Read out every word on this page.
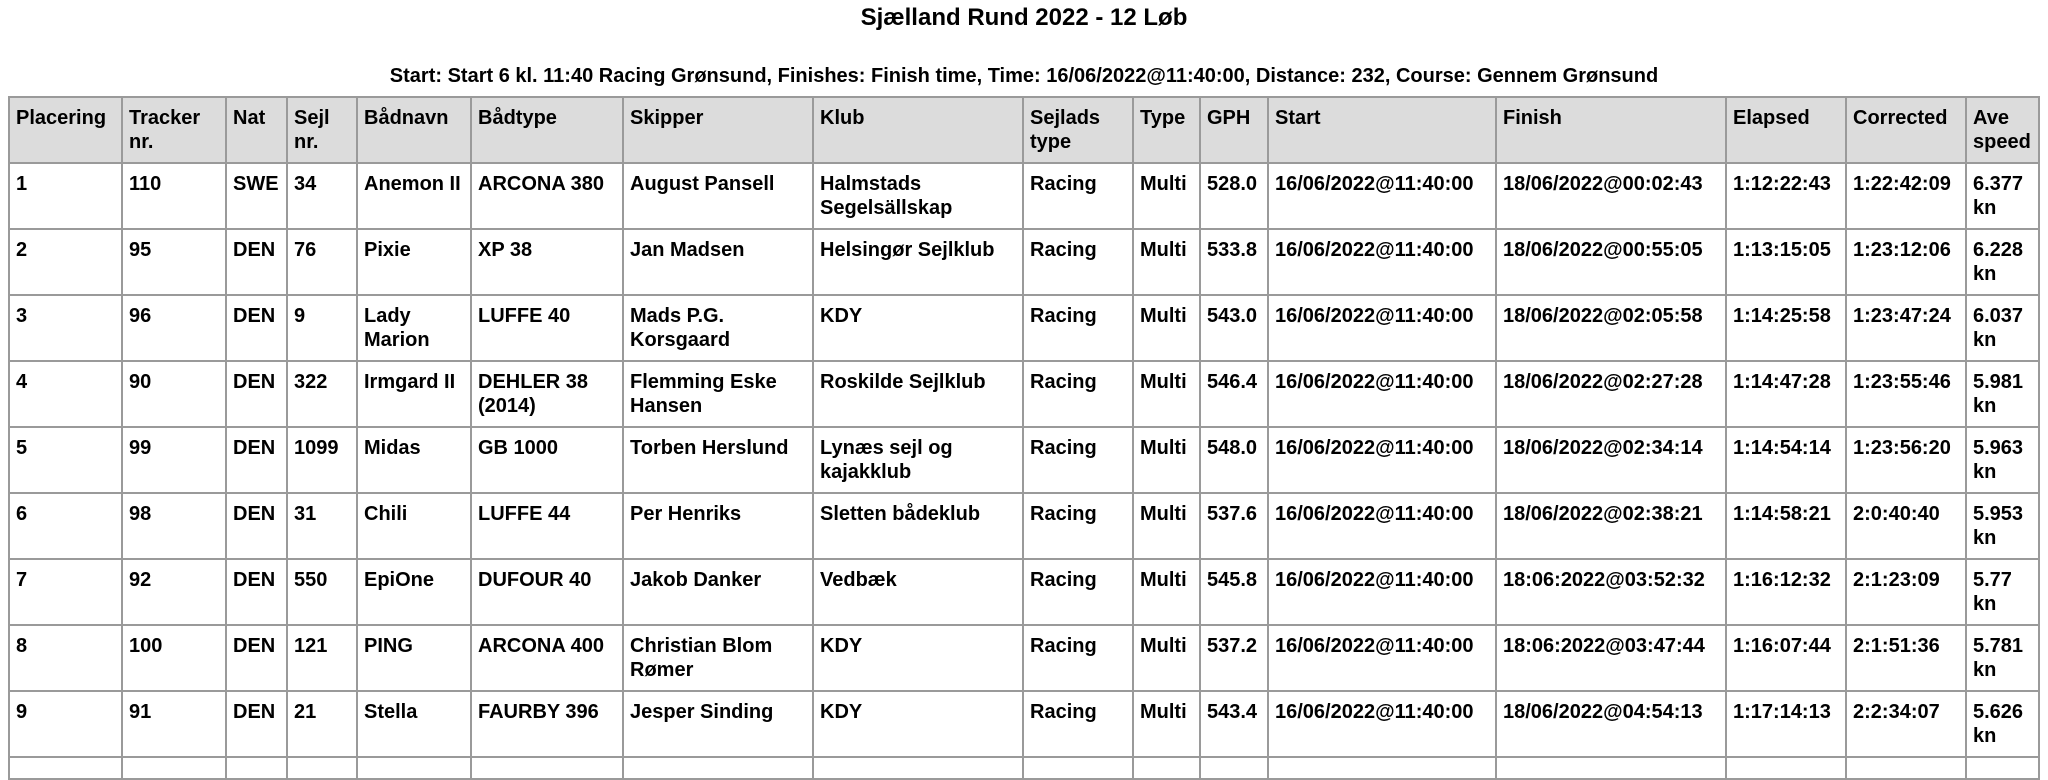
Sjælland Rund 2022 - 12 Løb
Start: Start 6 kl. 11:40 Racing Grønsund, Finishes: Finish time, Time: 16/06/2022@11:40:00, Distance: 232, Course: Gennem Grønsund
Placering	Tracker nr.	Nat	Sejl nr.	Bådnavn	Bådtype	Skipper	Klub	Sejlads type	Type	GPH	Start	Finish	Elapsed	Corrected	Ave speed
1	110	SWE	34	Anemon II	ARCONA 380	August Pansell	Halmstads Segelsällskap	Racing	Multi	528.0	16/06/2022@11:40:00	18/06/2022@00:02:43	1:12:22:43	1:22:42:09	6.377 kn
2	95	DEN	76	Pixie	XP 38	Jan Madsen	Helsingør Sejlklub	Racing	Multi	533.8	16/06/2022@11:40:00	18/06/2022@00:55:05	1:13:15:05	1:23:12:06	6.228 kn
3	96	DEN	9	Lady Marion	LUFFE 40	Mads P.G. Korsgaard	KDY	Racing	Multi	543.0	16/06/2022@11:40:00	18/06/2022@02:05:58	1:14:25:58	1:23:47:24	6.037 kn
4	90	DEN	322	Irmgard II	DEHLER 38 (2014)	Flemming Eske Hansen	Roskilde Sejlklub	Racing	Multi	546.4	16/06/2022@11:40:00	18/06/2022@02:27:28	1:14:47:28	1:23:55:46	5.981 kn
5	99	DEN	1099	Midas	GB 1000	Torben Herslund	Lynæs sejl og kajakklub	Racing	Multi	548.0	16/06/2022@11:40:00	18/06/2022@02:34:14	1:14:54:14	1:23:56:20	5.963 kn
6	98	DEN	31	Chili	LUFFE 44	Per Henriks	Sletten bådeklub	Racing	Multi	537.6	16/06/2022@11:40:00	18/06/2022@02:38:21	1:14:58:21	2:0:40:40	5.953 kn
7	92	DEN	550	EpiOne	DUFOUR 40	Jakob Danker	Vedbæk	Racing	Multi	545.8	16/06/2022@11:40:00	18:06:2022@03:52:32	1:16:12:32	2:1:23:09	5.77 kn
8	100	DEN	121	PING	ARCONA 400	Christian Blom Rømer	KDY	Racing	Multi	537.2	16/06/2022@11:40:00	18:06:2022@03:47:44	1:16:07:44	2:1:51:36	5.781 kn
9	91	DEN	21	Stella	FAURBY 396	Jesper Sinding	KDY	Racing	Multi	543.4	16/06/2022@11:40:00	18/06/2022@04:54:13	1:17:14:13	2:2:34:07	5.626 kn
